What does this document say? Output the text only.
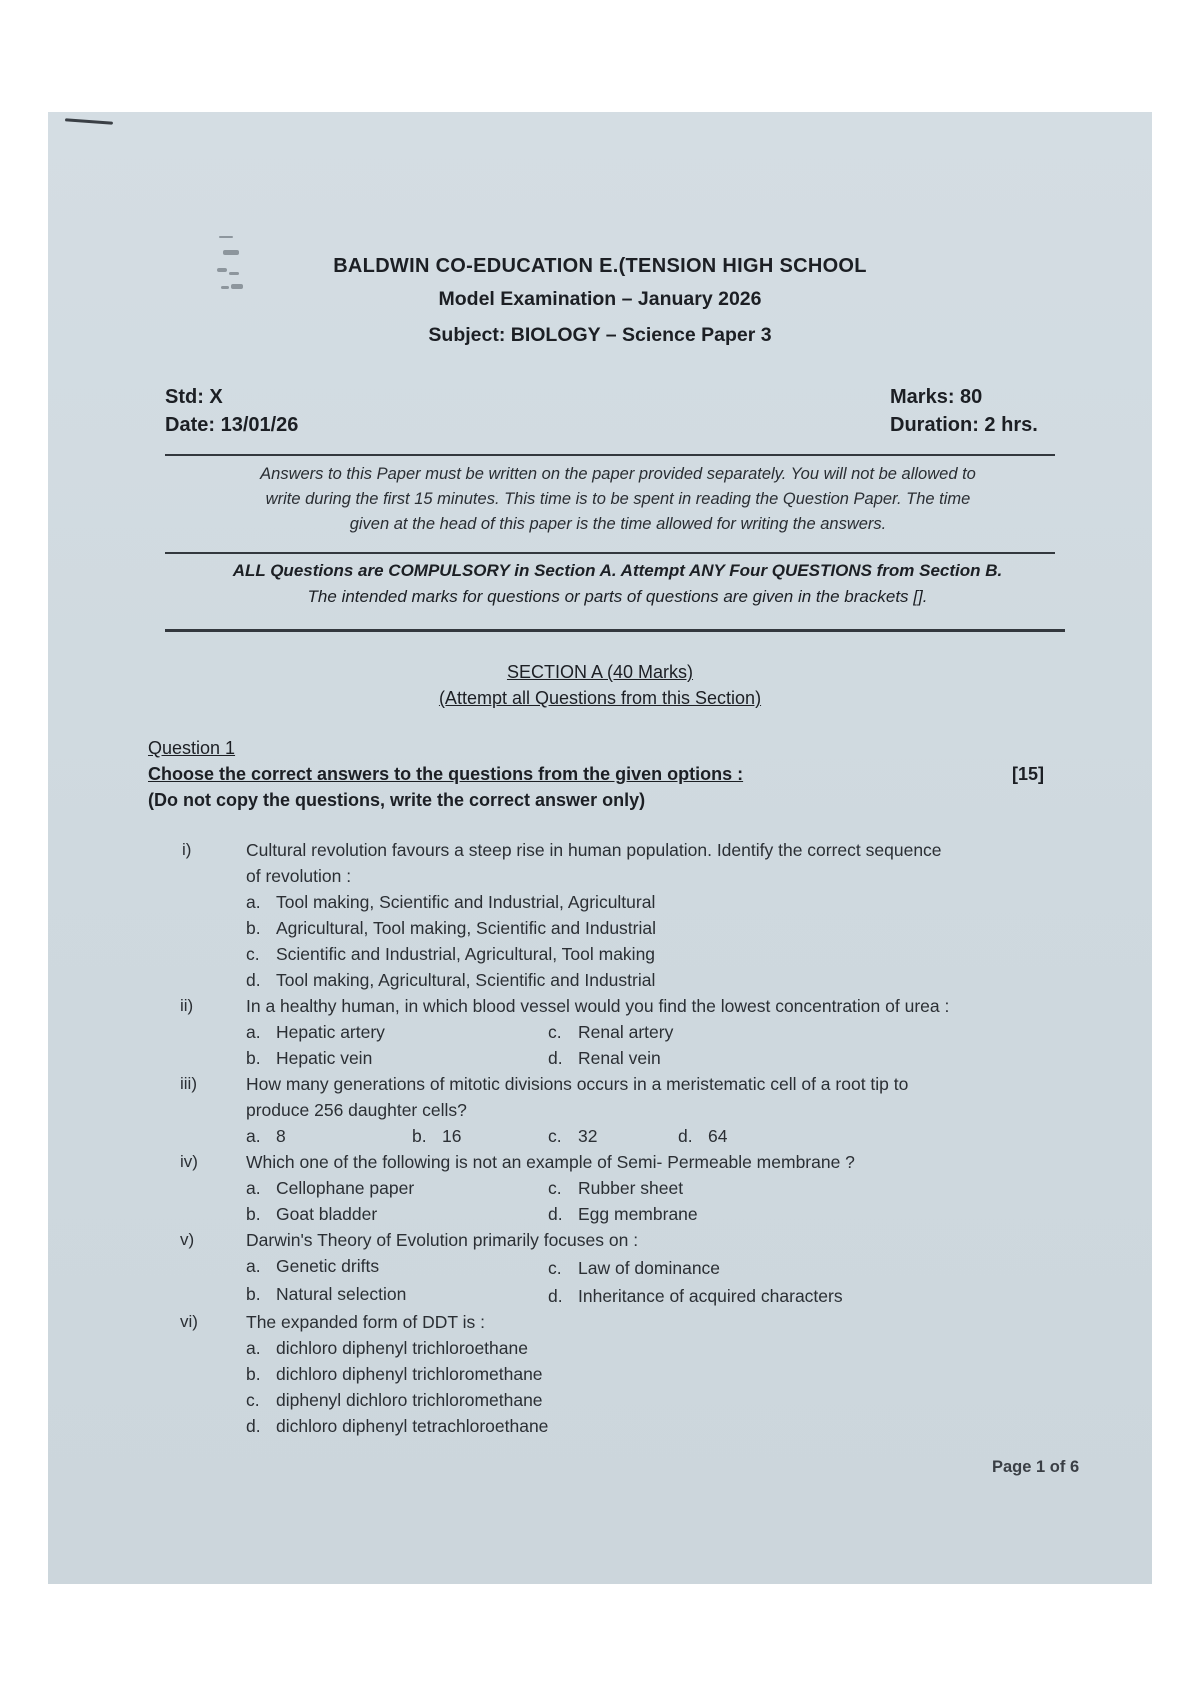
BALDWIN CO-EDUCATION E.(TENSION HIGH SCHOOL
Model Examination – January 2026
Subject: BIOLOGY – Science Paper 3
Std: X
Date: 13/01/26
Marks: 80
Duration: 2 hrs.
Answers to this Paper must be written on the paper provided separately. You will not be allowed to
write during the first 15 minutes. This time is to be spent in reading the Question Paper. The time
given at the head of this paper is the time allowed for writing the answers.
ALL Questions are COMPULSORY in Section A. Attempt ANY Four QUESTIONS from Section B.
The intended marks for questions or parts of questions are given in the brackets [].
SECTION A (40 Marks)
(Attempt all Questions from this Section)
Question 1
Choose the correct answers to the questions from the given options :	[15]
(Do not copy the questions, write the correct answer only)
i)	Cultural revolution favours a steep rise in human population. Identify the correct sequence
of revolution :
a. Tool making, Scientific and Industrial, Agricultural
b. Agricultural, Tool making, Scientific and Industrial
c. Scientific and Industrial, Agricultural, Tool making
d. Tool making, Agricultural, Scientific and Industrial
ii)	In a healthy human, in which blood vessel would you find the lowest concentration of urea :
a. Hepatic artery
b. Hepatic vein
c. Renal artery
d. Renal vein
iii)	How many generations of mitotic divisions occurs in a meristematic cell of a root tip to
produce 256 daughter cells?
a. 8	b. 16	c. 32	d. 64
iv)	Which one of the following is not an example of Semi- Permeable membrane ?
a. Cellophane paper
b. Goat bladder
c. Rubber sheet
d. Egg membrane
v)	Darwin's Theory of Evolution primarily focuses on :
a. Genetic drifts
b. Natural selection
c. Law of dominance
d. Inheritance of acquired characters
vi)	The expanded form of DDT is :
a. dichloro diphenyl trichloroethane
b. dichloro diphenyl trichloromethane
c. diphenyl dichloro trichloromethane
d. dichloro diphenyl tetrachloroethane
Page 1 of 6
